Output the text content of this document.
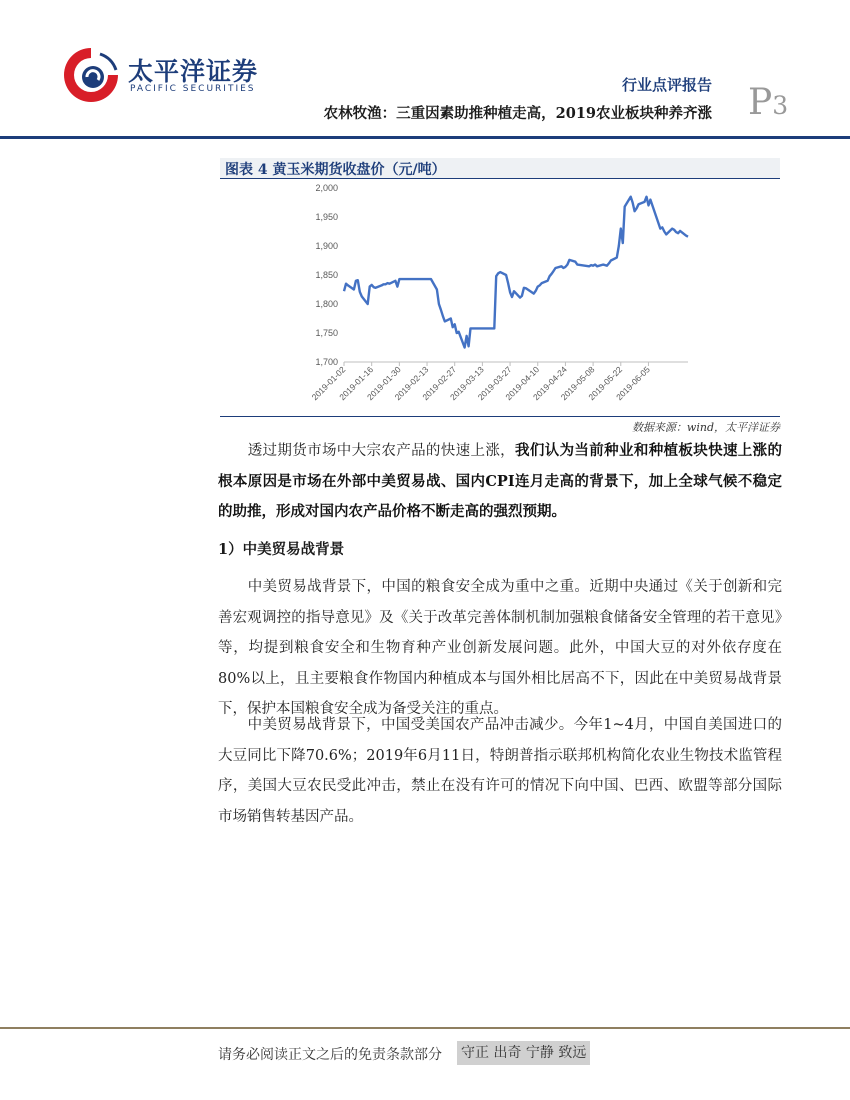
太平洋证券
PACIFIC SECURITIES	行业点评报告
农林牧渔：三重因素助推种植走高，2019农业板块种养齐涨 P3
图表 4 黄玉米期货收盘价（元/吨）
1,700
1,750
1,800
1,850
1,900
1,950
2,000
2019-01-02
2019-01-16
2019-01-30
2019-02-13
2019-02-27
2019-03-13
2019-03-27
2019-04-10
2019-04-24
2019-05-08
2019-05-22
2019-06-05
数据来源：wind，太平洋证券
　　透过期货市场中大宗农产品的快速上涨，我们认为当前种业和种植板块快速上涨的根本原因是市场在外部中美贸易战、国内CPI连月走高的背景下，加上全球气候不稳定的助推，形成对国内农产品价格不断走高的强烈预期。
1）中美贸易战背景
　　中美贸易战背景下，中国的粮食安全成为重中之重。近期中央通过《关于创新和完善宏观调控的指导意见》及《关于改革完善体制机制加强粮食储备安全管理的若干意见》等，均提到粮食安全和生物育种产业创新发展问题。此外，中国大豆的对外依存度在80%以上，且主要粮食作物国内种植成本与国外相比居高不下，因此在中美贸易战背景下，保护本国粮食安全成为备受关注的重点。
　　中美贸易战背景下，中国受美国农产品冲击减少。今年1~4月，中国自美国进口的大豆同比下降70.6%；2019年6月11日，特朗普指示联邦机构简化农业生物技术监管程序，美国大豆农民受此冲击，禁止在没有许可的情况下向中国、巴西、欧盟等部分国际市场销售转基因产品。
请务必阅读正文之后的免责条款部分 守正 出奇 宁静 致远
